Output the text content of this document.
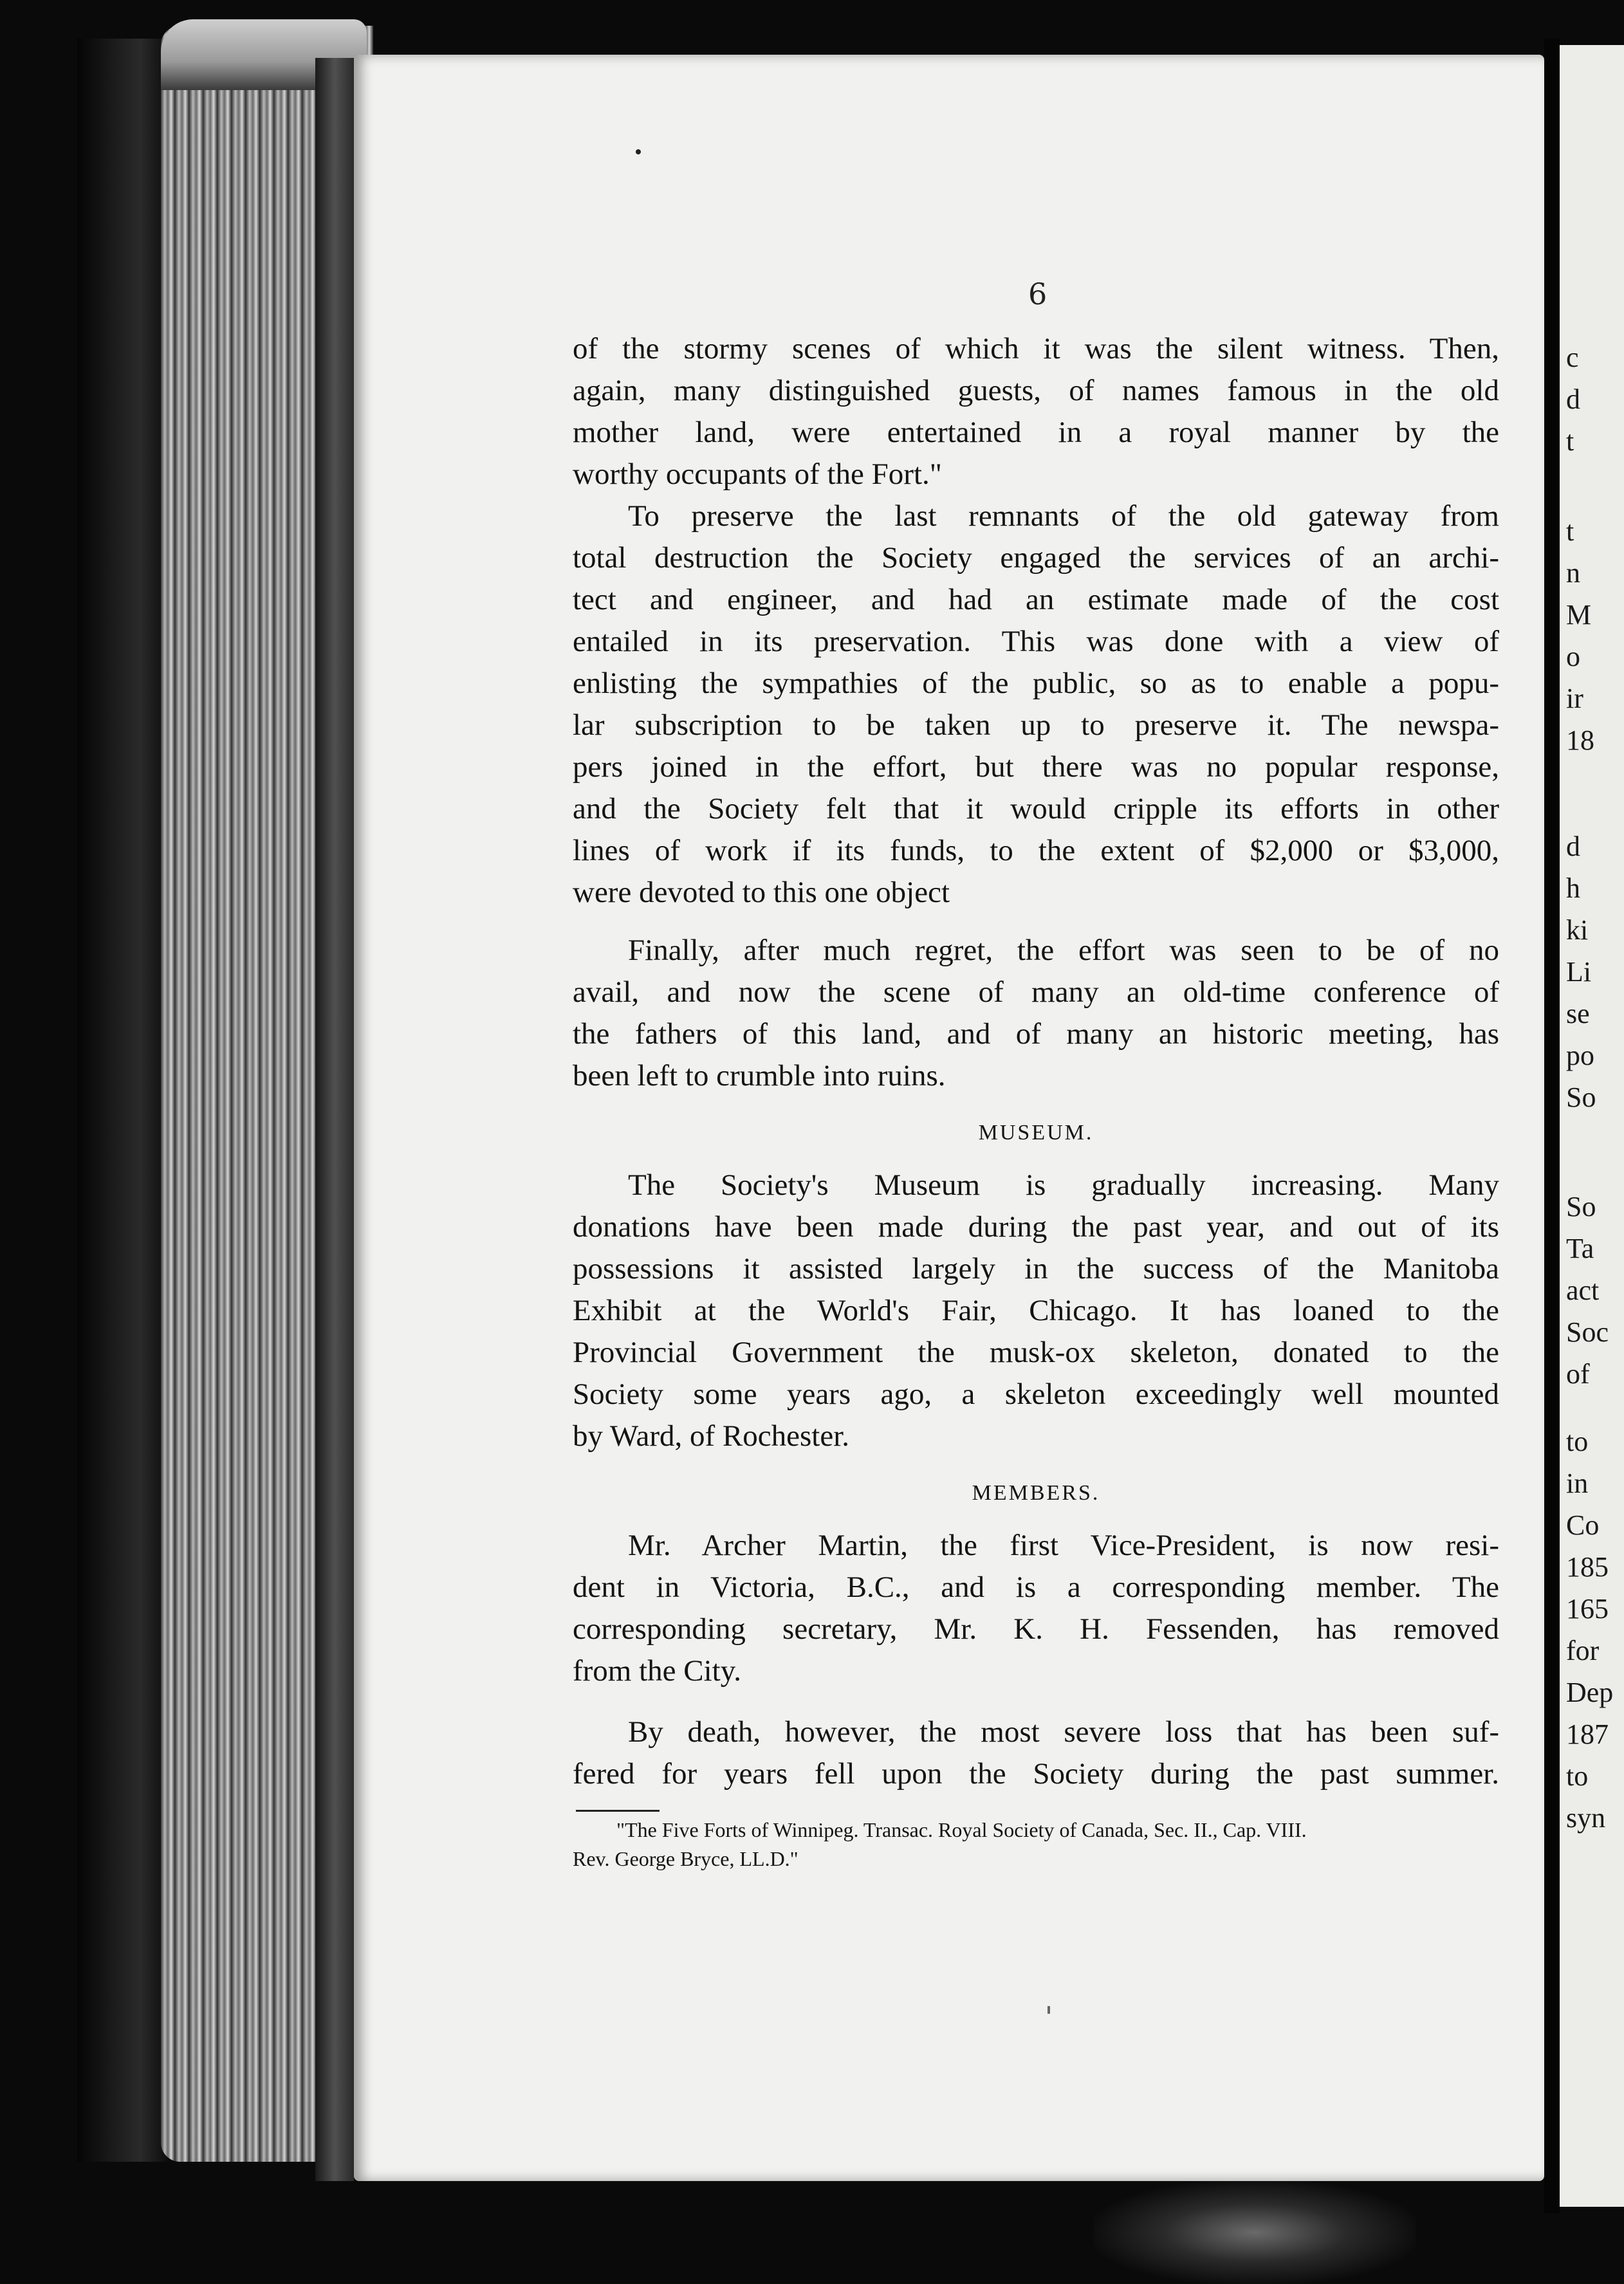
c
d
t
t
n
M
o
ir
18
d
h
ki
Li
se
po
So
So
Ta
act
Soc
of
to
in
Co
185
165
for
Dep
187
to
syn
6
of the stormy scenes of which it was the silent witness. Then,
again, many distinguished guests, of names famous in the old
mother land, were entertained in a royal manner by the
worthy occupants of the Fort."
To preserve the last remnants of the old gateway from
total destruction the Society engaged the services of an archi-
tect and engineer, and had an estimate made of the cost
entailed in its preservation. This was done with a view of
enlisting the sympathies of the public, so as to enable a popu-
lar subscription to be taken up to preserve it. The newspa-
pers joined in the effort, but there was no popular response,
and the Society felt that it would cripple its efforts in other
lines of work if its funds, to the extent of $2,000 or $3,000,
were devoted to this one object
Finally, after much regret, the effort was seen to be of no
avail, and now the scene of many an old-time conference of
the fathers of this land, and of many an historic meeting, has
been left to crumble into ruins.
MUSEUM.
The Society's Museum is gradually increasing. Many
donations have been made during the past year, and out of its
possessions it assisted largely in the success of the Manitoba
Exhibit at the World's Fair, Chicago. It has loaned to the
Provincial Government the musk-ox skeleton, donated to the
Society some years ago, a skeleton exceedingly well mounted
by Ward, of Rochester.
MEMBERS.
Mr. Archer Martin, the first Vice-President, is now resi-
dent in Victoria, B.C., and is a corresponding member. The
corresponding secretary, Mr. K. H. Fessenden, has removed
from the City.
By death, however, the most severe loss that has been suf-
fered for years fell upon the Society during the past summer.
"The Five Forts of Winnipeg. Transac. Royal Society of Canada, Sec. II., Cap. VIII.
Rev. George Bryce, LL.D."
